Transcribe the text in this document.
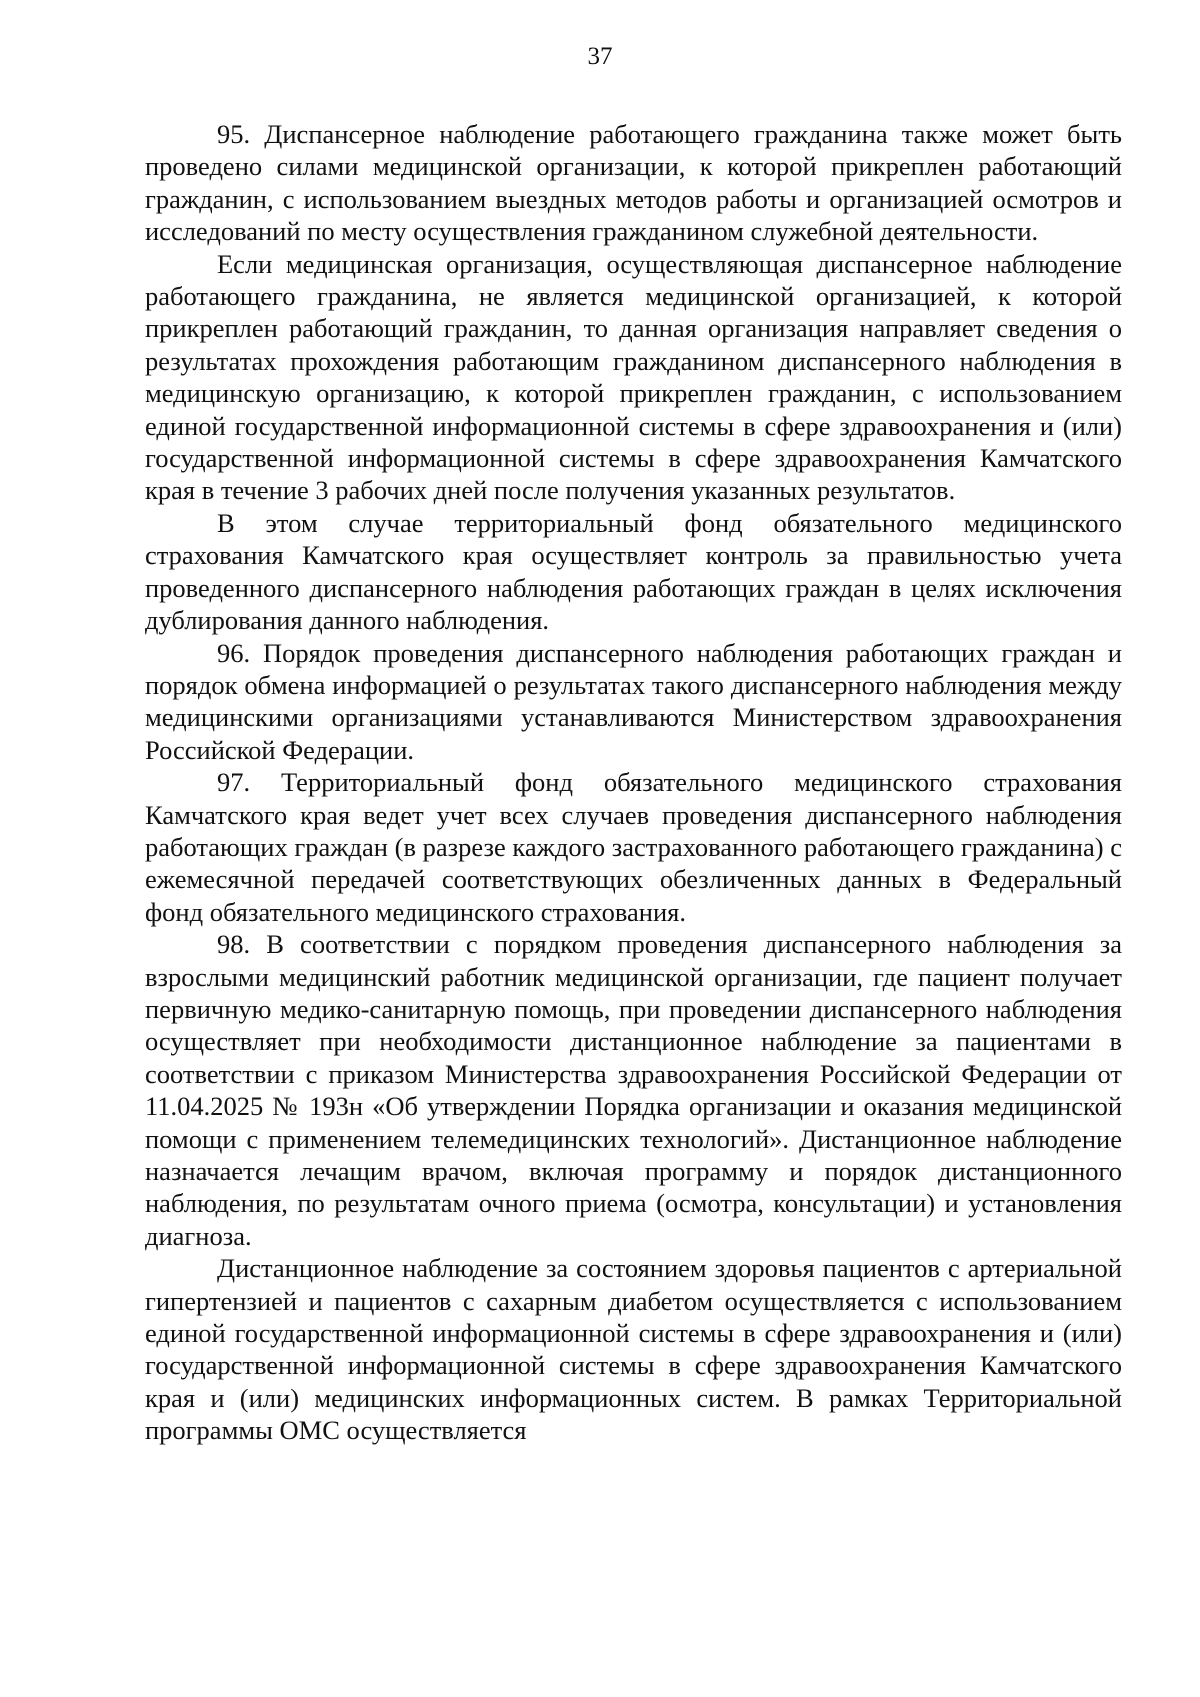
37

95. Диспансерное наблюдение работающего гражданина также может быть проведено силами медицинской организации, к которой прикреплен работающий гражданин, с использованием выездных методов работы и организацией осмотров и исследований по месту осуществления гражданином служебной деятельности.

Если медицинская организация, осуществляющая диспансерное наблюдение работающего гражданина, не является медицинской организацией, к которой прикреплен работающий гражданин, то данная организация направляет сведения о результатах прохождения работающим гражданином диспансерного наблюдения в медицинскую организацию, к которой прикреплен гражданин, с использованием единой государственной информационной системы в сфере здравоохранения и (или) государственной информационной системы в сфере здравоохранения Камчатского края в течение 3 рабочих дней после получения указанных результатов.

В этом случае территориальный фонд обязательного медицинского страхования Камчатского края осуществляет контроль за правильностью учета проведенного диспансерного наблюдения работающих граждан в целях исключения дублирования данного наблюдения.

96. Порядок проведения диспансерного наблюдения работающих граждан и порядок обмена информацией о результатах такого диспансерного наблюдения между медицинскими организациями устанавливаются Министерством здравоохранения Российской Федерации.

97. Территориальный фонд обязательного медицинского страхования Камчатского края ведет учет всех случаев проведения диспансерного наблюдения работающих граждан (в разрезе каждого застрахованного работающего гражданина) с ежемесячной передачей соответствующих обезличенных данных в Федеральный фонд обязательного медицинского страхования.

98. В соответствии с порядком проведения диспансерного наблюдения за взрослыми медицинский работник медицинской организации, где пациент получает первичную медико-санитарную помощь, при проведении диспансерного наблюдения осуществляет при необходимости дистанционное наблюдение за пациентами в соответствии с приказом Министерства здравоохранения Российской Федерации от 11.04.2025 № 193н «Об утверждении Порядка организации и оказания медицинской помощи с применением телемедицинских технологий». Дистанционное наблюдение назначается лечащим врачом, включая программу и порядок дистанционного наблюдения, по результатам очного приема (осмотра, консультации) и установления диагноза.

Дистанционное наблюдение за состоянием здоровья пациентов с артериальной гипертензией и пациентов с сахарным диабетом осуществляется с использованием единой государственной информационной системы в сфере здравоохранения и (или) государственной информационной системы в сфере здравоохранения Камчатского края и (или) медицинских информационных систем. В рамках Территориальной программы ОМС осуществляется
